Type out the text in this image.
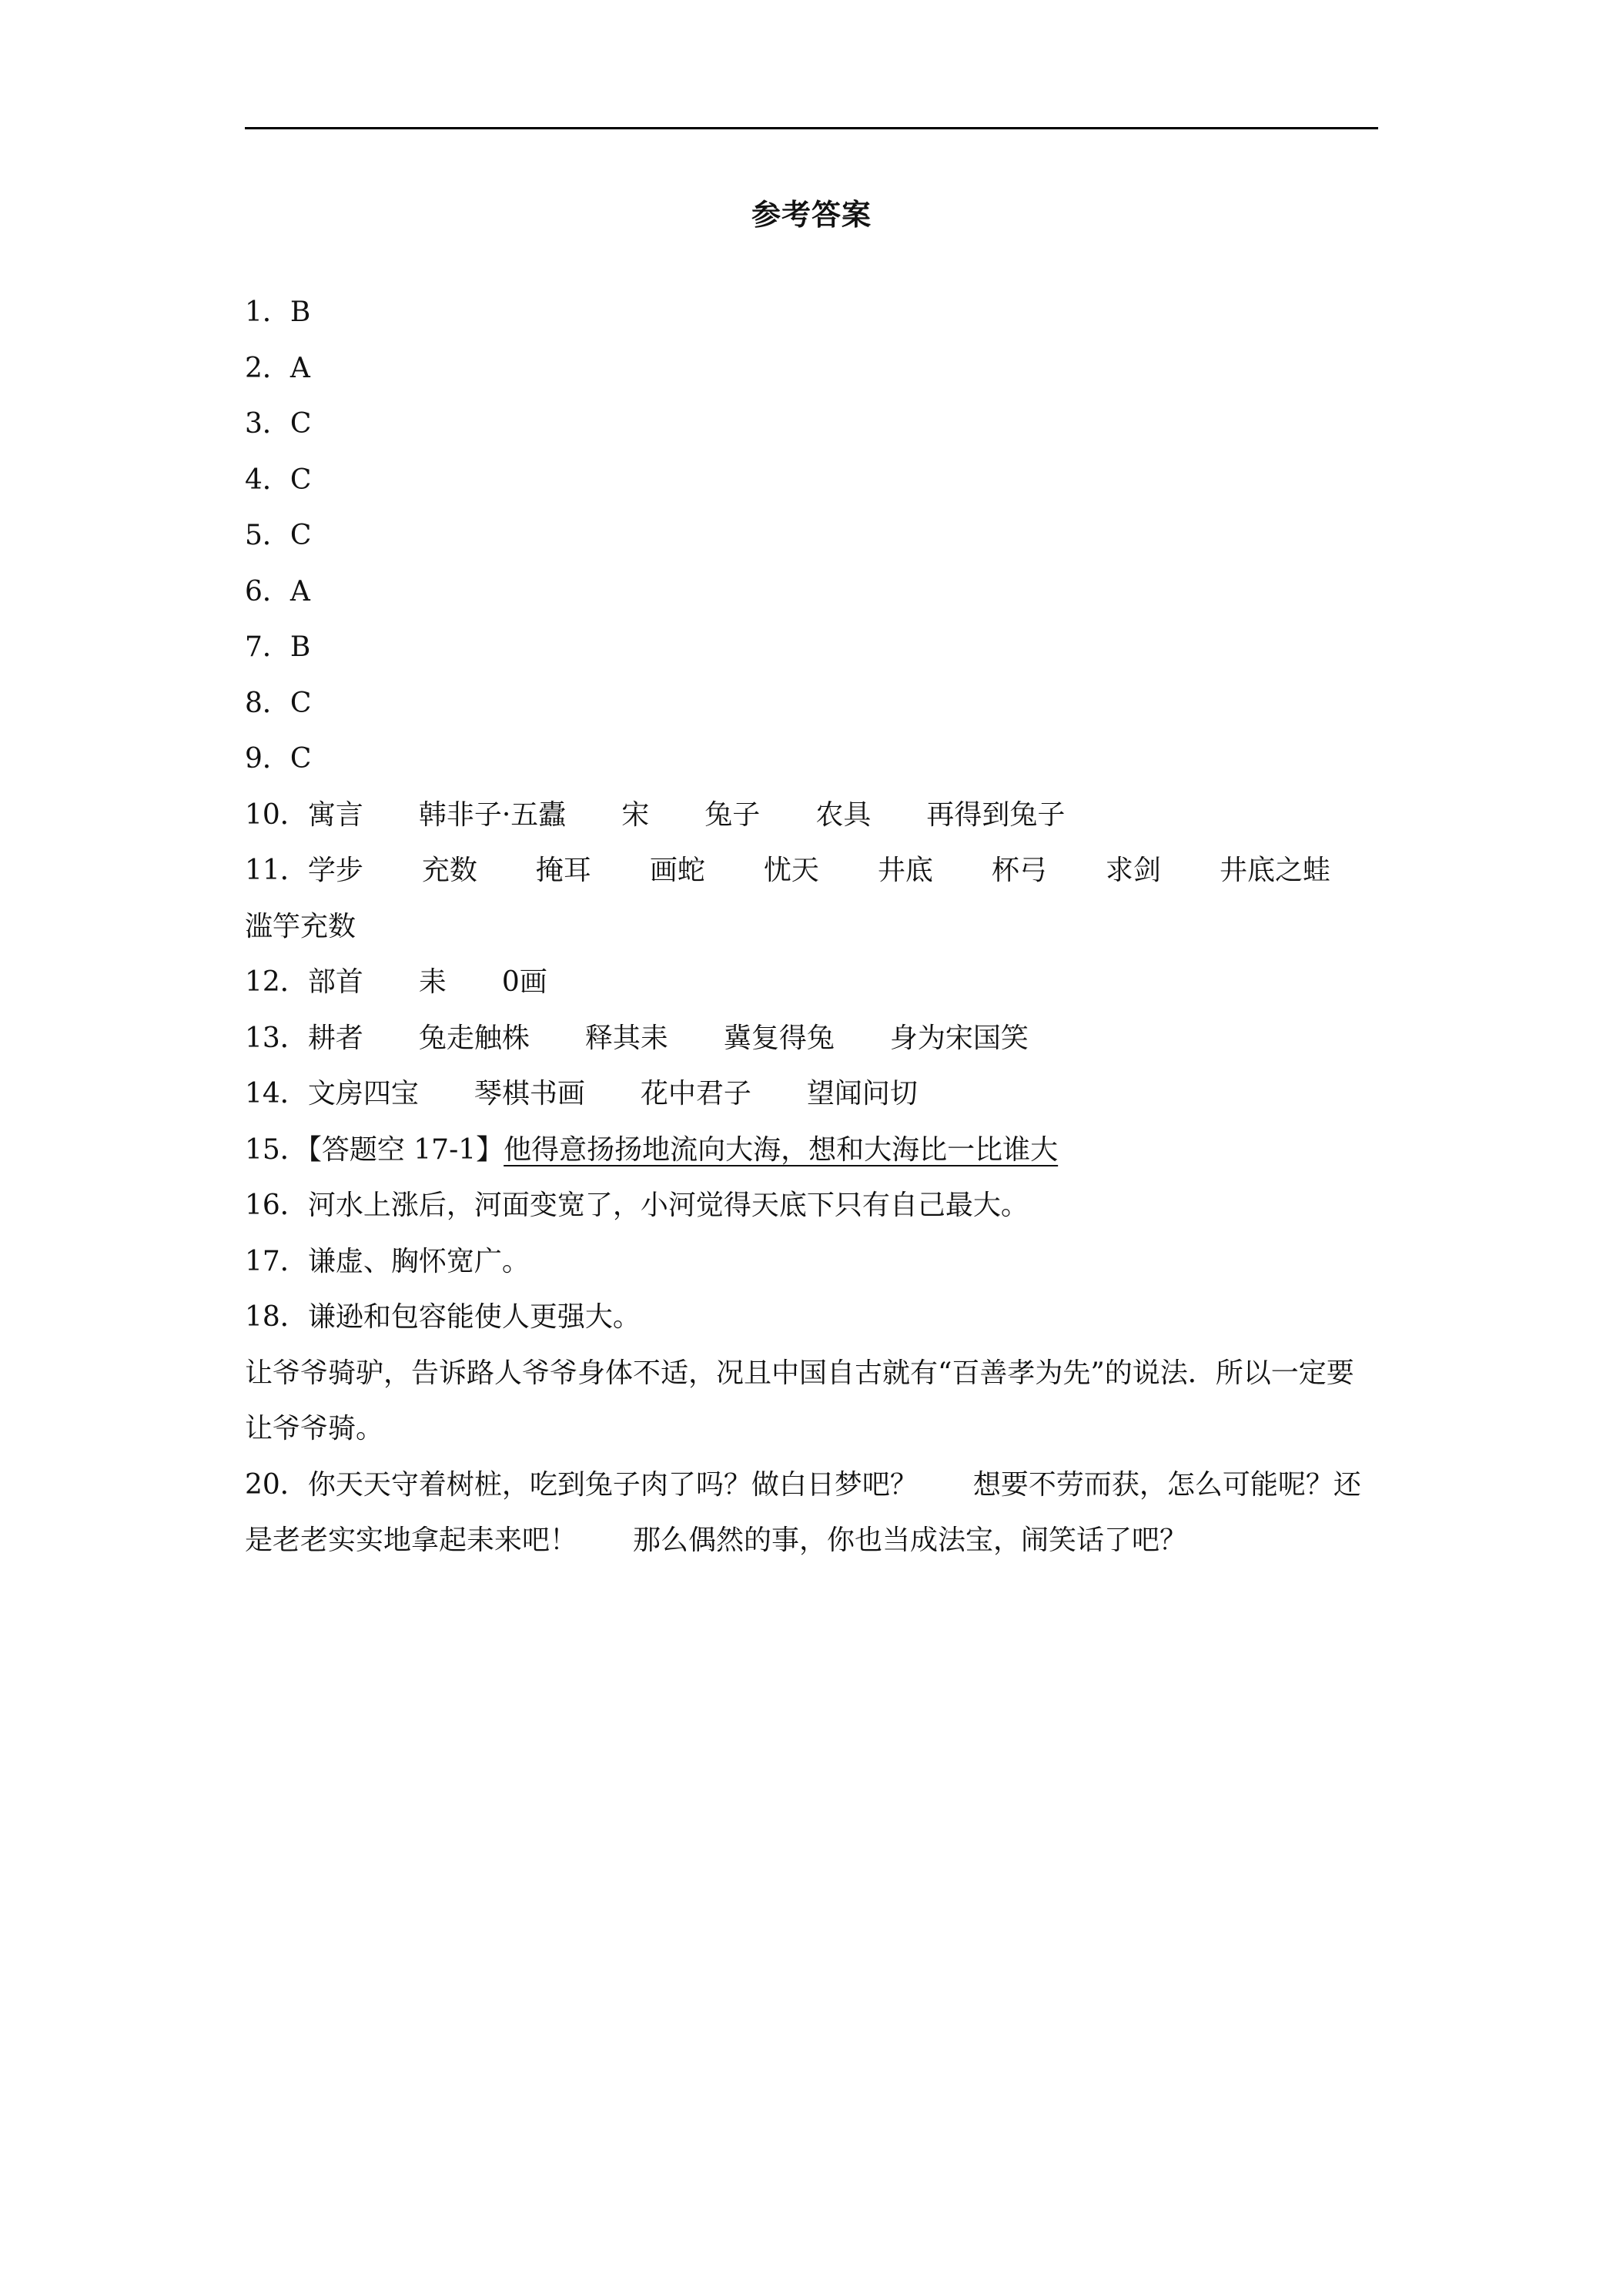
参考答案
1．B
2．A
3．C
4．C
5．C
6．A
7．B
8．C
9．C
10．寓言 韩非子·五蠹 宋 兔子 农具 再得到兔子
11．学步 充数 掩耳 画蛇 忧天 井底 杯弓 求剑 井底之蛙
滥竽充数
12．部首 耒 0画
13．耕者 兔走触株 释其耒 冀复得兔 身为宋国笑
14．文房四宝 琴棋书画 花中君子 望闻问切
15．【答题空 17-1】他得意扬扬地流向大海，想和大海比一比谁大
16．河水上涨后，河面变宽了，小河觉得天底下只有自己最大。
17．谦虚、胸怀宽广。
18．谦逊和包容能使人更强大。
让爷爷骑驴，告诉路人爷爷身体不适，况且中国自古就有“百善孝为先”的说法．所以一定要让爷爷骑。
20．你天天守着树桩，吃到兔子肉了吗？做白日梦吧？ 想要不劳而获，怎么可能呢？还是老老实实地拿起耒来吧！ 那么偶然的事，你也当成法宝，闹笑话了吧？
